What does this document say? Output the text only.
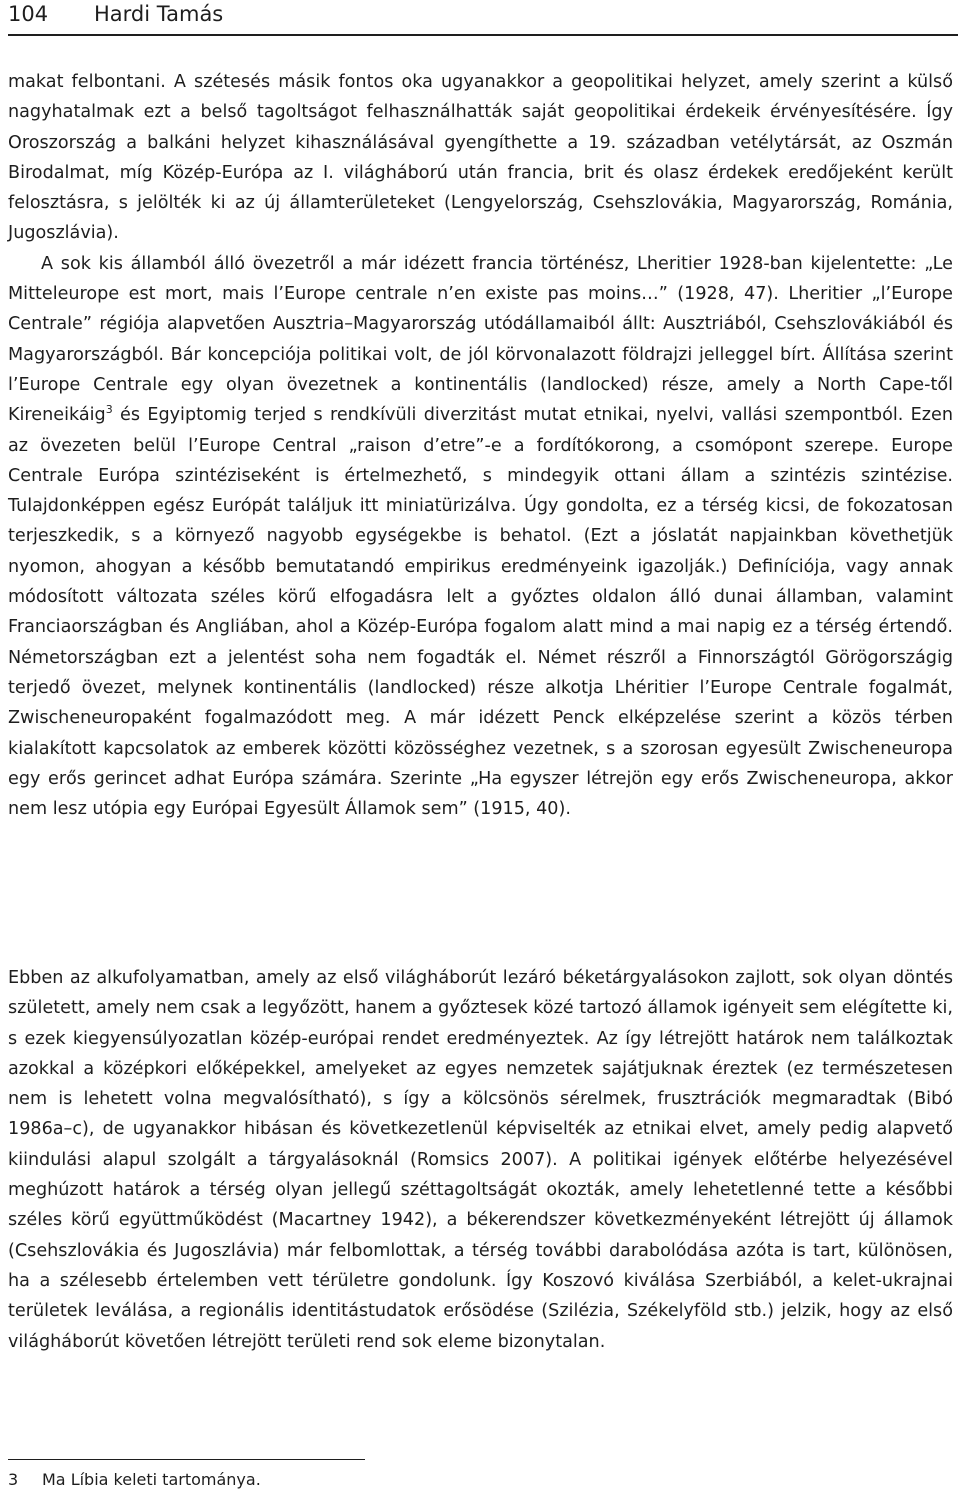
104 Hardi Tamás

makat felbontani. A szétesés másik fontos oka ugyanakkor a geopolitikai helyzet, amely szerint a külső nagyhatalmak ezt a belső tagoltságot felhasználhatták saját geopolitikai érdekeik érvényesítésére. Így Oroszország a balkáni helyzet kihasználásával gyengíthette a 19. században vetélytársát, az Oszmán Birodalmat, míg Közép-Európa az I. világháború után francia, brit és olasz érdekek eredőjeként került felosztásra, s jelölték ki az új államterületeket (Lengyelország, Csehszlovákia, Magyarország, Románia, Jugoszlávia).

A sok kis államból álló övezetről a már idézett francia történész, Lheritier 1928-ban kijelentette: „Le Mitteleurope est mort, mais l’Europe centrale n’en existe pas moins…” (1928, 47). Lheritier „l’Europe Centrale” régiója alapvetően Ausztria–Magyarország utódállamaiból állt: Ausztriából, Csehszlovákiából és Magyarországból. Bár koncepciója politikai volt, de jól körvonalazott földrajzi jelleggel bírt. Állítása szerint l’Europe Centrale egy olyan övezetnek a kontinentális (landlocked) része, amely a North Cape-től Kireneikáig$^3$ és Egyiptomig terjed s rendkívüli diverzitást mutat etnikai, nyelvi, vallási szempontból. Ezen az övezeten belül l’Europe Central „raison d’etre”-e a fordítókorong, a csomópont szerepe. Europe Centrale Európa szintéziseként is értelmezhető, s mindegyik ottani állam a szintézis szintézise. Tulajdonképpen egész Európát találjuk itt miniatürizálva. Úgy gondolta, ez a térség kicsi, de fokozatosan terjeszkedik, s a környező nagyobb egységekbe is behatol. (Ezt a jóslatát napjainkban követhetjük nyomon, ahogyan a később bemutatandó empirikus eredményeink igazolják.) Definíciója, vagy annak módosított változata széles körű elfogadásra lelt a győztes oldalon álló dunai államban, valamint Franciaországban és Angliában, ahol a Közép-Európa fogalom alatt mind a mai napig ez a térség értendő. Németországban ezt a jelentést soha nem fogadták el. Német részről a Finnországtól Görögországig terjedő övezet, melynek kontinentális (landlocked) része alkotja Lhéritier l’Europe Centrale fogalmát, Zwischeneuropaként fogalmazódott meg. A már idézett Penck elképzelése szerint a közös térben kialakított kapcsolatok az emberek közötti közösséghez vezetnek, s a szorosan egyesült Zwischeneuropa egy erős gerincet adhat Európa számára. Szerinte „Ha egyszer létrejön egy erős Zwischeneuropa, akkor nem lesz utópia egy Európai Egyesült Államok sem” (1915, 40).

Ebben az alkufolyamatban, amely az első világháborút lezáró béketárgyalásokon zajlott, sok olyan döntés született, amely nem csak a legyőzött, hanem a győztesek közé tartozó államok igényeit sem elégítette ki, s ezek kiegyensúlyozatlan közép-európai rendet eredményeztek. Az így létrejött határok nem találkoztak azokkal a középkori előképekkel, amelyeket az egyes nemzetek sajátjuknak éreztek (ez természetesen nem is lehetett volna megvalósítható), s így a kölcsönös sérelmek, frusztrációk megmaradtak (Bibó 1986a–c), de ugyanakkor hibásan és következetlenül képviselték az etnikai elvet, amely pedig alapvető kiindulási alapul szolgált a tárgyalásoknál (Romsics 2007). A politikai igények előtérbe helyezésével meghúzott határok a térség olyan jellegű széttagoltságát okozták, amely lehetetlenné tette a későbbi széles körű együttműködést (Macartney 1942), a békerendszer következményeként létrejött új államok (Csehszlovákia és Jugoszlávia) már felbomlottak, a térség további darabolódása azóta is tart, különösen, ha a szélesebb értelemben vett térületre gondolunk. Így Koszovó kiválása Szerbiából, a kelet-ukrajnai területek leválása, a regionális identitástudatok erősödése (Szilézia, Székelyföld stb.) jelzik, hogy az első világháborút követően létrejött területi rend sok eleme bizonytalan.

3 Ma Líbia keleti tartománya.
